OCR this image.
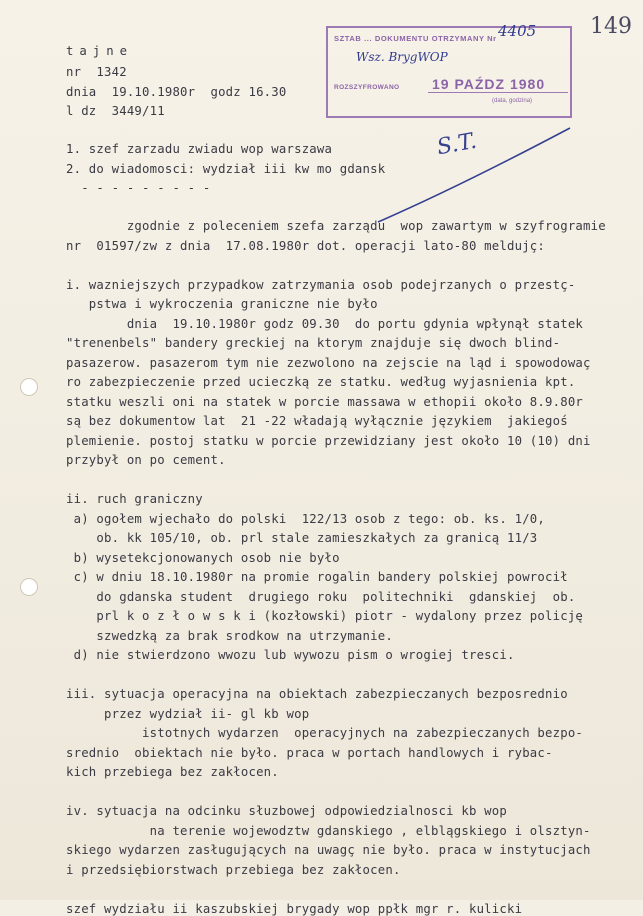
SZTAB ... DOKUMENTU OTRZYMANY Nr 4405
Wsz. BrygWOP
ROZSZYFROWANO 19 PAŹDZ 1980
(data, godzina)
149
S.T.
tajne
nr  1342
dnia  19.10.1980r  godz 16.30
l dz  3449/11
1. szef zarzadu zwiadu wop warszawa
2. do wiadomosci: wydział iii kw mo gdansk
- - - - - - - - -
zgodnie z poleceniem szefa zarządu  wop zawartym w szyfrogramie
nr  01597/zw z dnia  17.08.1980r dot. operacji lato-80 meldujç:
i. wazniejszych przypadkow zatrzymania osob podejrzanych o przestç-
pstwa i wykroczenia graniczne nie było
dnia  19.10.1980r godz 09.30  do portu gdynia wpłynął statek
"trenenbels" bandery greckiej na ktorym znajduje się dwoch blind-
pasazerow. pasazerom tym nie zezwolono na zejscie na ląd i spowodowaç
ro zabezpieczenie przed ucieczką ze statku. według wyjasnienia kpt.
statku weszli oni na statek w porcie massawa w ethopii około 8.9.80r
są bez dokumentow lat  21 -22 władają wyłącznie językiem  jakiegoś
plemienie. postoj statku w porcie przewidziany jest około 10 (10) dni
przybył on po cement.
ii. ruch graniczny
a) ogołem wjechało do polski  122/13 osob z tego: ob. ks. 1/0,
ob. kk 105/10, ob. prl stale zamieszkałych za granicą 11/3
b) wysetekcjonowanych osob nie było
c) w dniu 18.10.1980r na promie rogalin bandery polskiej powrocił
do gdanska student  drugiego roku  politechniki  gdanskiej  ob.
prl k o z ł o w s k i (kozłowski) piotr - wydalony przez policję
szwedzką za brak srodkow na utrzymanie.
d) nie stwierdzono wwozu lub wywozu pism o wrogiej tresci.
iii. sytuacja operacyjna na obiektach zabezpieczanych bezposrednio
przez wydział ii- gl kb wop
istotnych wydarzen  operacyjnych na zabezpieczanych bezpo-
srednio  obiektach nie było. praca w portach handlowych i rybac-
kich przebiega bez zakłocen.
iv. sytuacja na odcinku słuzbowej odpowiedzialnosci kb wop
na terenie wojewodztw gdanskiego , elblągskiego i olsztyn-
skiego wydarzen zasługujących na uwagç nie było. praca w instytucjach
i przedsiębiorstwach przebiega bez zakłocen.
szef wydziału ii kaszubskiej brygady wop ppłk mgr r. kulicki
